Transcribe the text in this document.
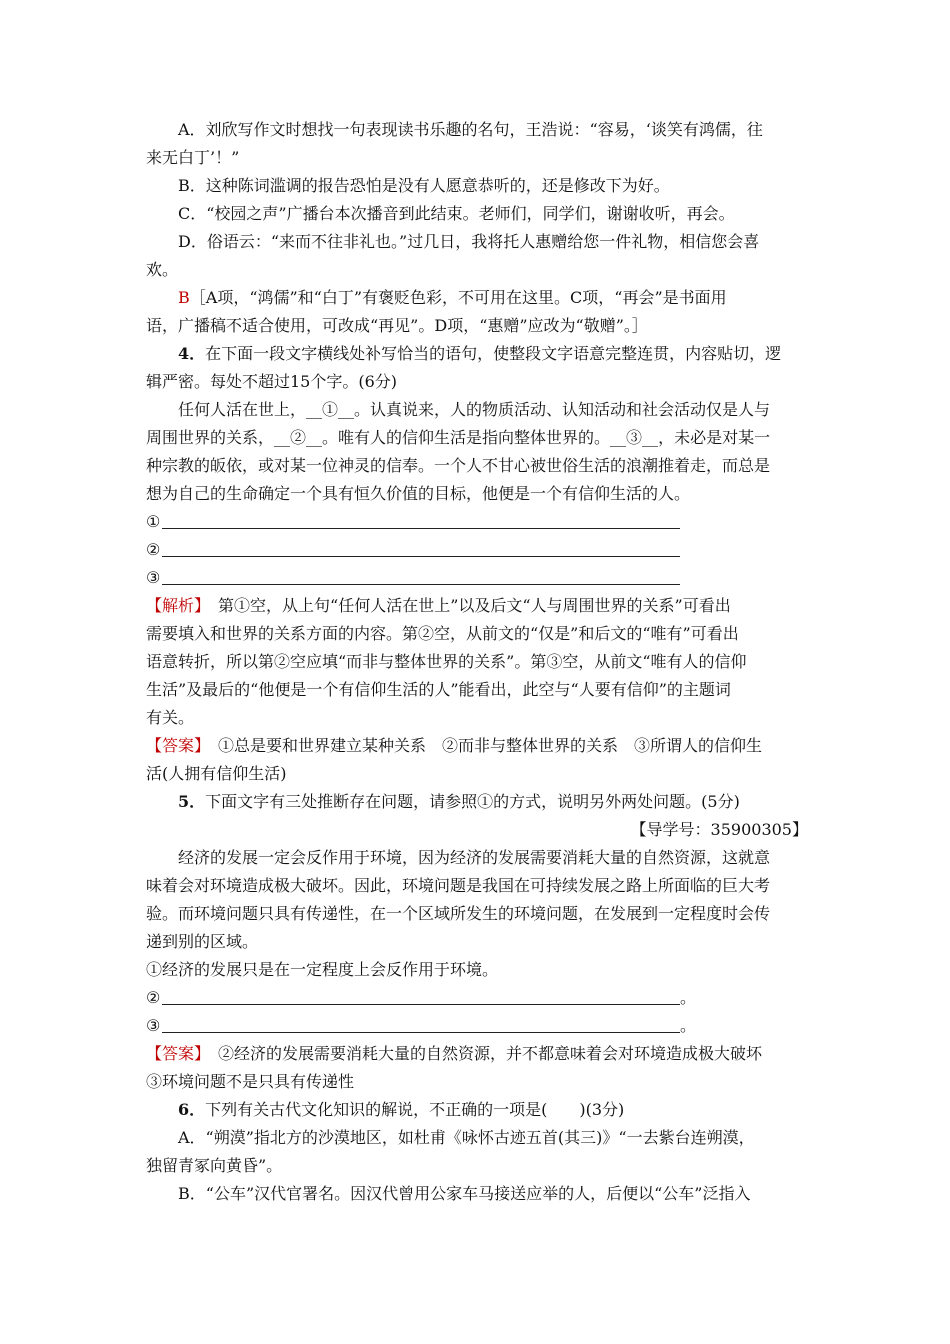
A．刘欣写作文时想找一句表现读书乐趣的名句，王浩说：“容易，‘谈笑有鸿儒，往

来无白丁’！”

B．这种陈词滥调的报告恐怕是没有人愿意恭听的，还是修改下为好。

C．“校园之声”广播台本次播音到此结束。老师们，同学们，谢谢收听，再会。

D．俗语云：“来而不往非礼也。”过几日，我将托人惠赠给您一件礼物，相信您会喜

欢。

B［A项，“鸿儒”和“白丁”有褒贬色彩，不可用在这里。C项，“再会”是书面用

语，广播稿不适合使用，可改成“再见”。D项，“惠赠”应改为“敬赠”。］

4．在下面一段文字横线处补写恰当的语句，使整段文字语意完整连贯，内容贴切，逻

辑严密。每处不超过15个字。(6分)

任何人活在世上，__①__。认真说来，人的物质活动、认知活动和社会活动仅是人与

周围世界的关系，__②__。唯有人的信仰生活是指向整体世界的。__③__，未必是对某一

种宗教的皈依，或对某一位神灵的信奉。一个人不甘心被世俗生活的浪潮推着走，而总是

想为自己的生命确定一个具有恒久价值的目标，他便是一个有信仰生活的人。

①
②
③

【解析】　第①空，从上句“任何人活在世上”以及后文“人与周围世界的关系”可看出

需要填入和世界的关系方面的内容。第②空，从前文的“仅是”和后文的“唯有”可看出

语意转折，所以第②空应填“而非与整体世界的关系”。第③空，从前文“唯有人的信仰

生活”及最后的“他便是一个有信仰生活的人”能看出，此空与“人要有信仰”的主题词

有关。

【答案】　①总是要和世界建立某种关系　②而非与整体世界的关系　③所谓人的信仰生

活(人拥有信仰生活)

5．下面文字有三处推断存在问题，请参照①的方式，说明另外两处问题。(5分)

【导学号：35900305】

经济的发展一定会反作用于环境，因为经济的发展需要消耗大量的自然资源，这就意

味着会对环境造成极大破坏。因此，环境问题是我国在可持续发展之路上所面临的巨大考

验。而环境问题只具有传递性，在一个区域所发生的环境问题，在发展到一定程度时会传

递到别的区域。

①经济的发展只是在一定程度上会反作用于环境。

②	。
③	。

【答案】　②经济的发展需要消耗大量的自然资源，并不都意味着会对环境造成极大破坏

③环境问题不是只具有传递性

6．下列有关古代文化知识的解说，不正确的一项是(　　)(3分)

A．“朔漠”指北方的沙漠地区，如杜甫《咏怀古迹五首(其三)》“一去紫台连朔漠，

独留青冢向黄昏”。

B．“公车”汉代官署名。因汉代曾用公家车马接送应举的人，后便以“公车”泛指入
